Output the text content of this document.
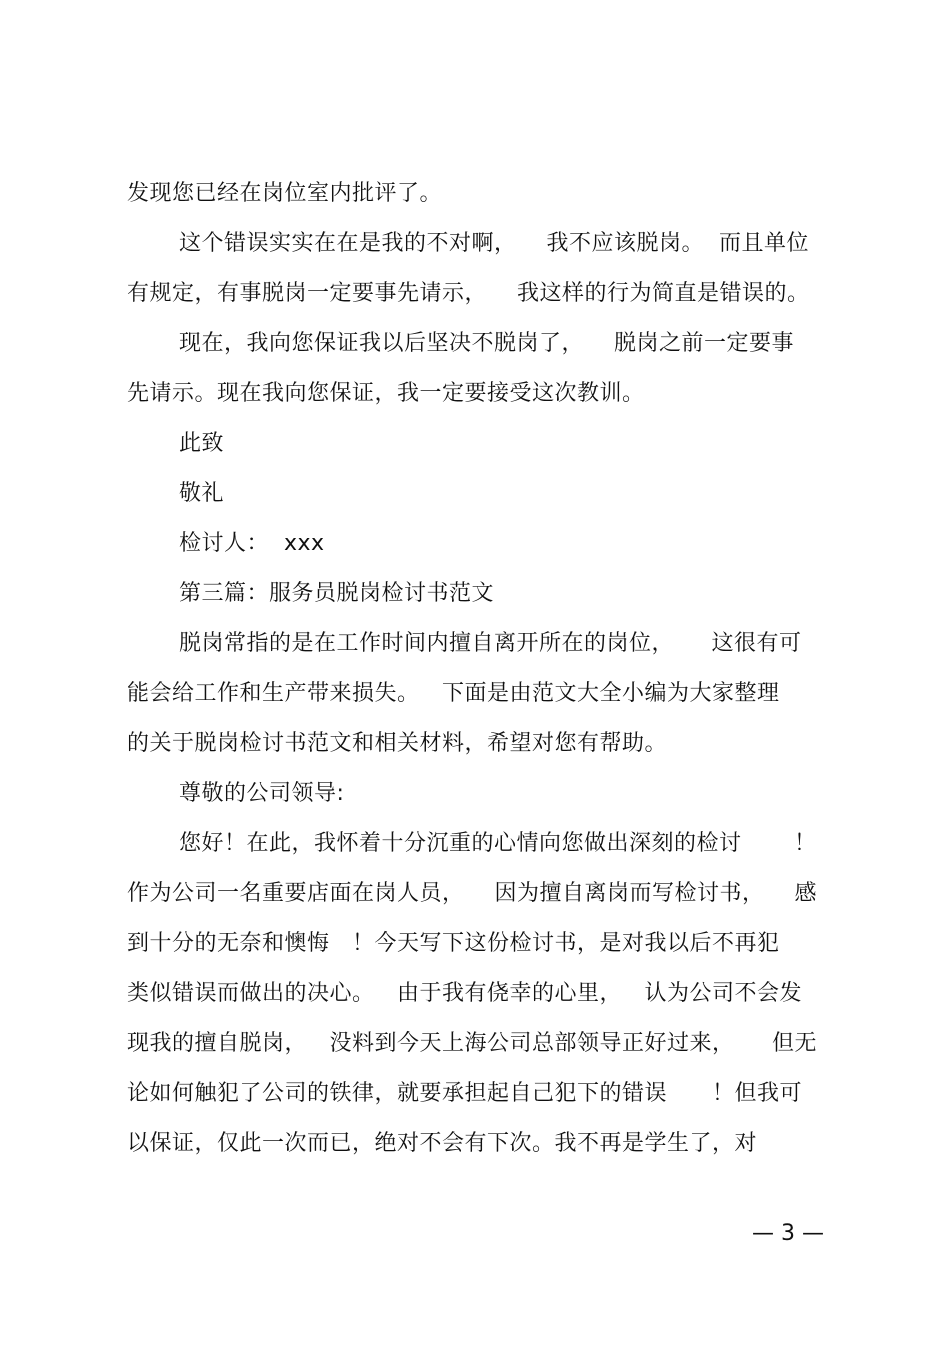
发现您已经在岗位室内批评了。
这个错误实实在在是我的不对啊，    我不应该脱岗。  而且单位
有规定，有事脱岗一定要事先请示，    我这样的行为简直是错误的。
现在，我向您保证我以后坚决不脱岗了，    脱岗之前一定要事
先请示。现在我向您保证，我一定要接受这次教训。
此致
敬礼
检讨人：  xxx
第三篇：服务员脱岗检讨书范文
脱岗常指的是在工作时间内擅自离开所在的岗位，     这很有可
能会给工作和生产带来损失。   下面是由范文大全小编为大家整理
的关于脱岗检讨书范文和相关材料，希望对您有帮助。
尊敬的公司领导:
您好！在此，我怀着十分沉重的心情向您做出深刻的检讨       ！
作为公司一名重要店面在岗人员，    因为擅自离岗而写检讨书，    感
到十分的无奈和懊悔   ！今天写下这份检讨书，是对我以后不再犯
类似错误而做出的决心。   由于我有侥幸的心里，   认为公司不会发
现我的擅自脱岗，   没料到今天上海公司总部领导正好过来，     但无
论如何触犯了公司的铁律，就要承担起自己犯下的错误      ！但我可
以保证，仅此一次而已，绝对不会有下次。我不再是学生了，对
— 3 —
